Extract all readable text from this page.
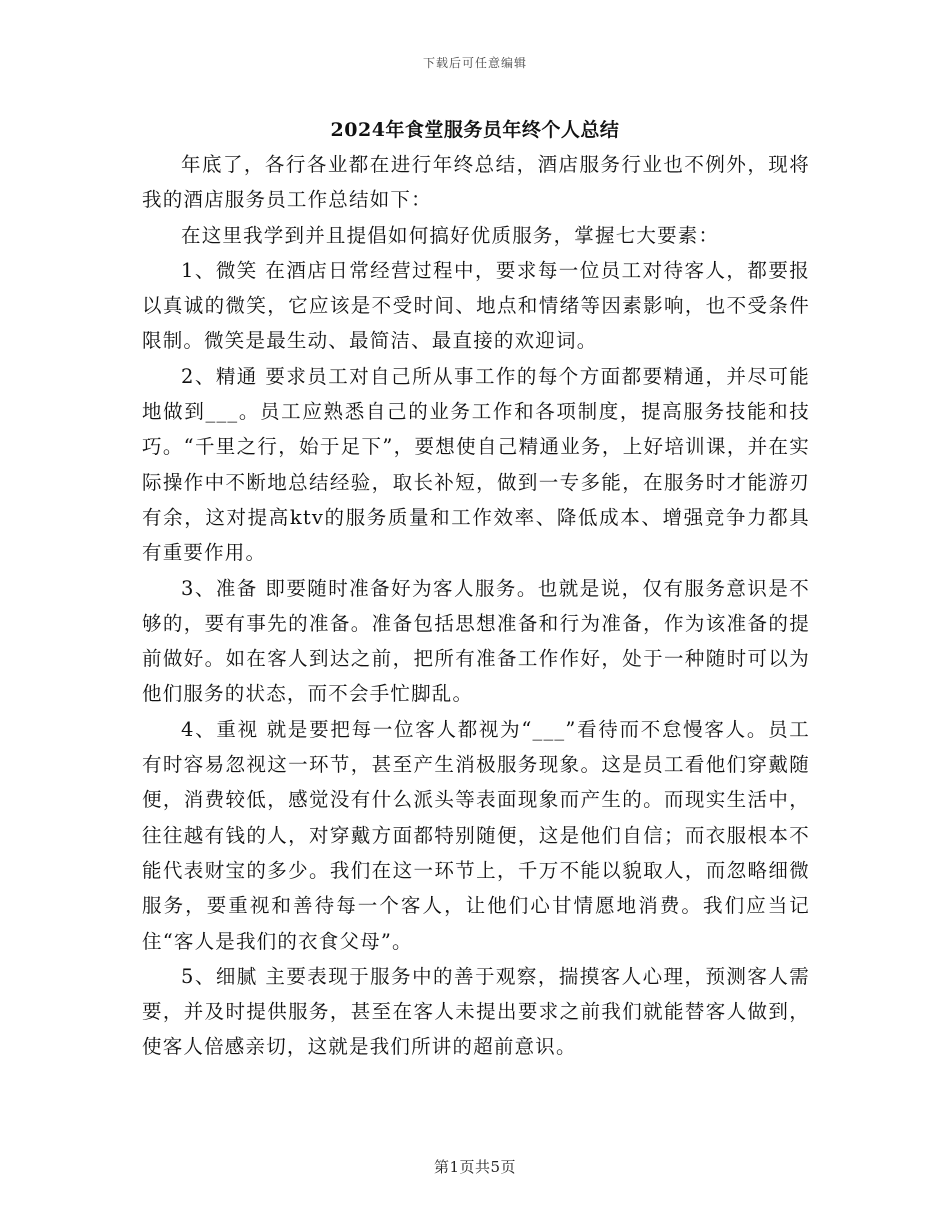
下载后可任意编辑
2024年食堂服务员年终个人总结

年底了，各行各业都在进行年终总结，酒店服务行业也不例外，现将我的酒店服务员工作总结如下：

在这里我学到并且提倡如何搞好优质服务，掌握七大要素：

1、微笑 在酒店日常经营过程中，要求每一位员工对待客人，都要报以真诚的微笑，它应该是不受时间、地点和情绪等因素影响，也不受条件限制。微笑是最生动、最简洁、最直接的欢迎词。

2、精通 要求员工对自己所从事工作的每个方面都要精通，并尽可能地做到___。员工应熟悉自己的业务工作和各项制度，提高服务技能和技巧。“千里之行，始于足下”，要想使自己精通业务，上好培训课，并在实际操作中不断地总结经验，取长补短，做到一专多能，在服务时才能游刃有余，这对提高ktv的服务质量和工作效率、降低成本、增强竞争力都具有重要作用。

3、准备 即要随时准备好为客人服务。也就是说，仅有服务意识是不够的，要有事先的准备。准备包括思想准备和行为准备，作为该准备的提前做好。如在客人到达之前，把所有准备工作作好，处于一种随时可以为他们服务的状态，而不会手忙脚乱。

4、重视 就是要把每一位客人都视为“___”看待而不怠慢客人。员工有时容易忽视这一环节，甚至产生消极服务现象。这是员工看他们穿戴随便，消费较低，感觉没有什么派头等表面现象而产生的。而现实生活中，往往越有钱的人，对穿戴方面都特别随便，这是他们自信；而衣服根本不能代表财宝的多少。我们在这一环节上，千万不能以貌取人，而忽略细微服务，要重视和善待每一个客人，让他们心甘情愿地消费。我们应当记住“客人是我们的衣食父母”。

5、细腻 主要表现于服务中的善于观察，揣摸客人心理，预测客人需要，并及时提供服务，甚至在客人未提出要求之前我们就能替客人做到，使客人倍感亲切，这就是我们所讲的超前意识。

第1页共5页
